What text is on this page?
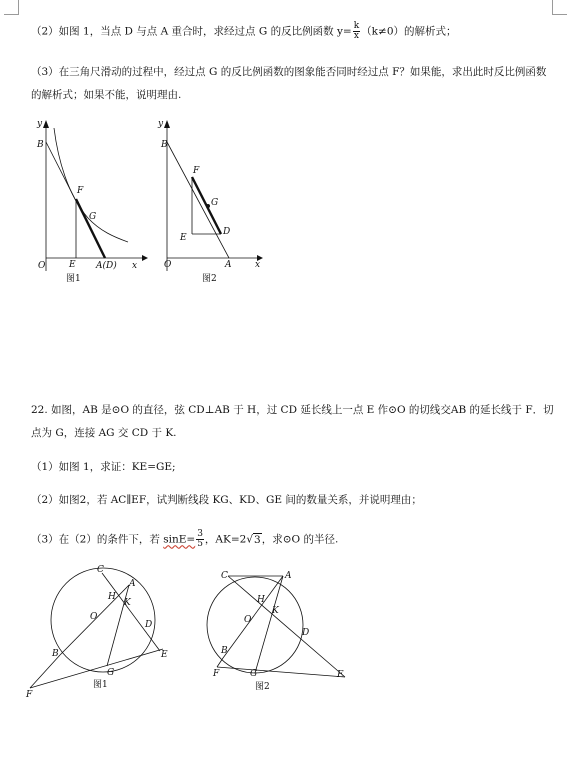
（2）如图 1，当点 D 与点 A 重合时，求经过点 G 的反比例函数 $y= \frac{k}{x} (k\ne 0)$的解析式；
（3）在三角尺滑动的过程中，经过点 G 的反比例函数的图象能否同时经过点 F？如果能，求出此时反比例函数
的解析式；如果不能，说明理由.
y
B
F
G
O	E A(D) x
图1
y
B
F
G
E
D
O	A	x
图2
22. 如图，AB 是⊙O 的直径，弦 CD⊥AB 于 H，过 CD 延长线上一点 E 作⊙O 的切线交AB 的延长线于 F．切
点为 G，连接 AG 交 CD 于 K.
（1）如图 1，求证：KE=GE;
（2）如图2，若 AC∥EF，试判断线段 KG、KD、GE 间的数量关系，并说明理由；
（3）在（2）的条件下，若 $\sin E= \frac{3}{5}$ ，AK=2√3，求⊙O 的半径.
C
A
H
K
O
D
B
G
E
F
图1
C	A
H
K
O
D
B
F	G	E
图2
